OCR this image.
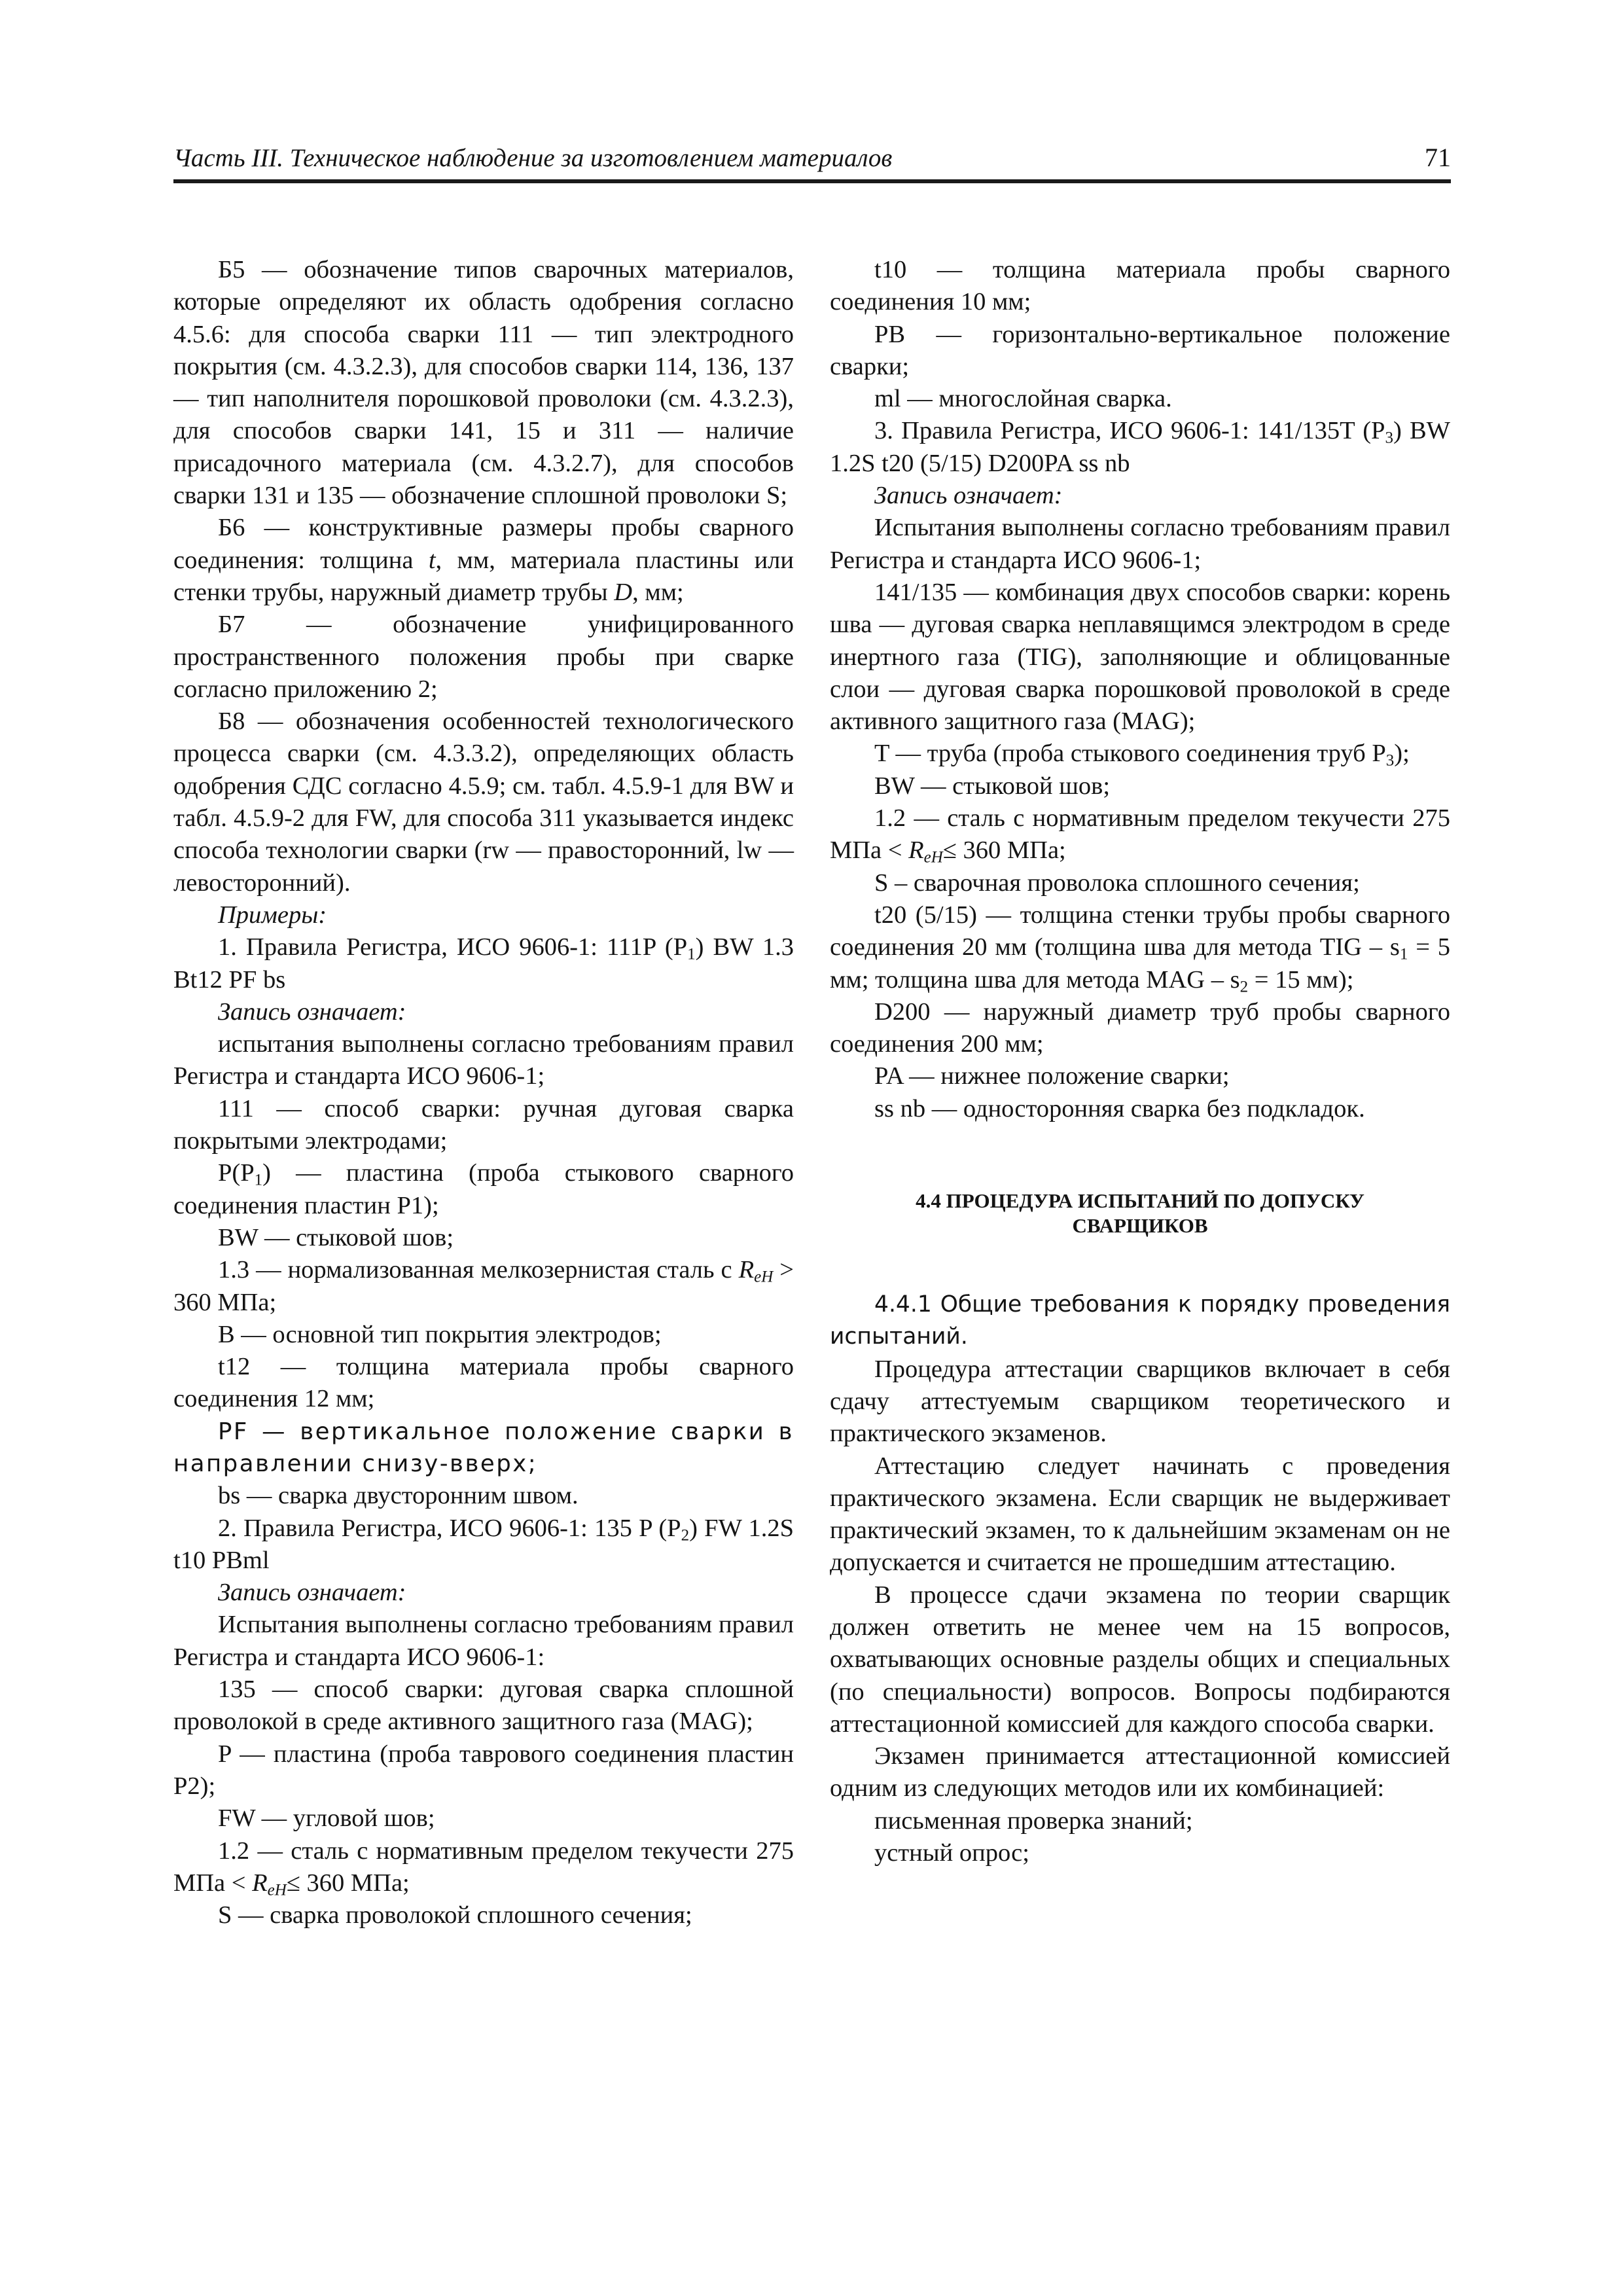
Часть III. Техническое наблюдение за изготовлением материалов	71

Б5 — обозначение типов сварочных материалов, которые определяют их область одобрения согласно 4.5.6: для способа сварки 111 — тип электродного покрытия (см. 4.3.2.3), для способов сварки 114, 136, 137 — тип наполнителя порошковой проволоки (см. 4.3.2.3), для способов сварки 141, 15 и 311 — наличие присадочного материала (см. 4.3.2.7), для способов сварки 131 и 135 — обозначение сплошной проволоки S;

Б6 — конструктивные размеры пробы сварного соединения: толщина t, мм, материала пластины или стенки трубы, наружный диаметр трубы D, мм;

Б7 — обозначение унифицированного пространственного положения пробы при сварке согласно приложению 2;

Б8 — обозначения особенностей технологического процесса сварки (см. 4.3.3.2), определяющих область одобрения СДС согласно 4.5.9; см. табл. 4.5.9-1 для BW и табл. 4.5.9-2 для FW, для способа 311 указывается индекс способа технологии сварки (rw — правосторонний, lw — левосторонний).

Примеры:

1. Правила Регистра, ИСО 9606-1: 111P $(P_1)$ BW 1.3 Bt12 PF bs

Запись означает:

испытания выполнены согласно требованиям правил Регистра и стандарта ИСО 9606-1;

111 — способ сварки: ручная дуговая сварка покрытыми электродами;

$P(P_1)$ — пластина (проба стыкового сварного соединения пластин P1);

BW — стыковой шов;

1.3 — нормализованная мелкозернистая сталь с $R_{eH} > 360$ МПа;

B — основной тип покрытия электродов;

t12 — толщина материала пробы сварного соединения 12 мм;

PF — вертикальное положение сварки в направлении снизу-вверх;

bs — сварка двусторонним швом.

2. Правила Регистра, ИСО 9606-1: 135 P $(P_2)$ FW 1.2S t10 PBml

Запись означает:

Испытания выполнены согласно требованиям правил Регистра и стандарта ИСО 9606-1:

135 — способ сварки: дуговая сварка сплошной проволокой в среде активного защитного газа (MAG);

P — пластина (проба таврового соединения пластин P2);

FW — угловой шов;

1.2 — сталь с нормативным пределом текучести 275 МПа < $R_{eH}\le 360$ МПа;

S — сварка проволокой сплошного сечения;

t10 — толщина материала пробы сварного соединения 10 мм;

PB — горизонтально-вертикальное положение сварки;

ml — многослойная сварка.

3. Правила Регистра, ИСО 9606-1: 141/135T $(P_3)$ BW 1.2S t20 (5/15) D200PA ss nb

Запись означает:

Испытания выполнены согласно требованиям правил Регистра и стандарта ИСО 9606-1;

141/135 — комбинация двух способов сварки: корень шва — дуговая сварка неплавящимся электродом в среде инертного газа (TIG), заполняющие и облицованные слои — дуговая сварка порошковой проволокой в среде активного защитного газа (MAG);

T — труба (проба стыкового соединения труб $P_3$);

BW — стыковой шов;

1.2 — сталь с нормативным пределом текучести 275 МПа < $R_{eH}\le 360$ МПа;

S – сварочная проволока сплошного сечения;

t20 (5/15) — толщина стенки трубы пробы сварного соединения 20 мм (толщина шва для метода TIG – $s_1 = 5$ мм; толщина шва для метода MAG – $s_2 = 15$ мм);

D200 — наружный диаметр труб пробы сварного соединения 200 мм;

PA — нижнее положение сварки;

ss nb — односторонняя сварка без подкладок.

4.4 ПРОЦЕДУРА ИСПЫТАНИЙ ПО ДОПУСКУ СВАРЩИКОВ

4.4.1 Общие требования к порядку проведения испытаний.

Процедура аттестации сварщиков включает в себя сдачу аттестуемым сварщиком теоретического и практического экзаменов.

Аттестацию следует начинать с проведения практического экзамена. Если сварщик не выдерживает практический экзамен, то к дальнейшим экзаменам он не допускается и считается не прошедшим аттестацию.

В процессе сдачи экзамена по теории сварщик должен ответить не менее чем на 15 вопросов, охватывающих основные разделы общих и специальных (по специальности) вопросов. Вопросы подбираются аттестационной комиссией для каждого способа сварки.

Экзамен принимается аттестационной комиссией одним из следующих методов или их комбинацией:

письменная проверка знаний;

устный опрос;
